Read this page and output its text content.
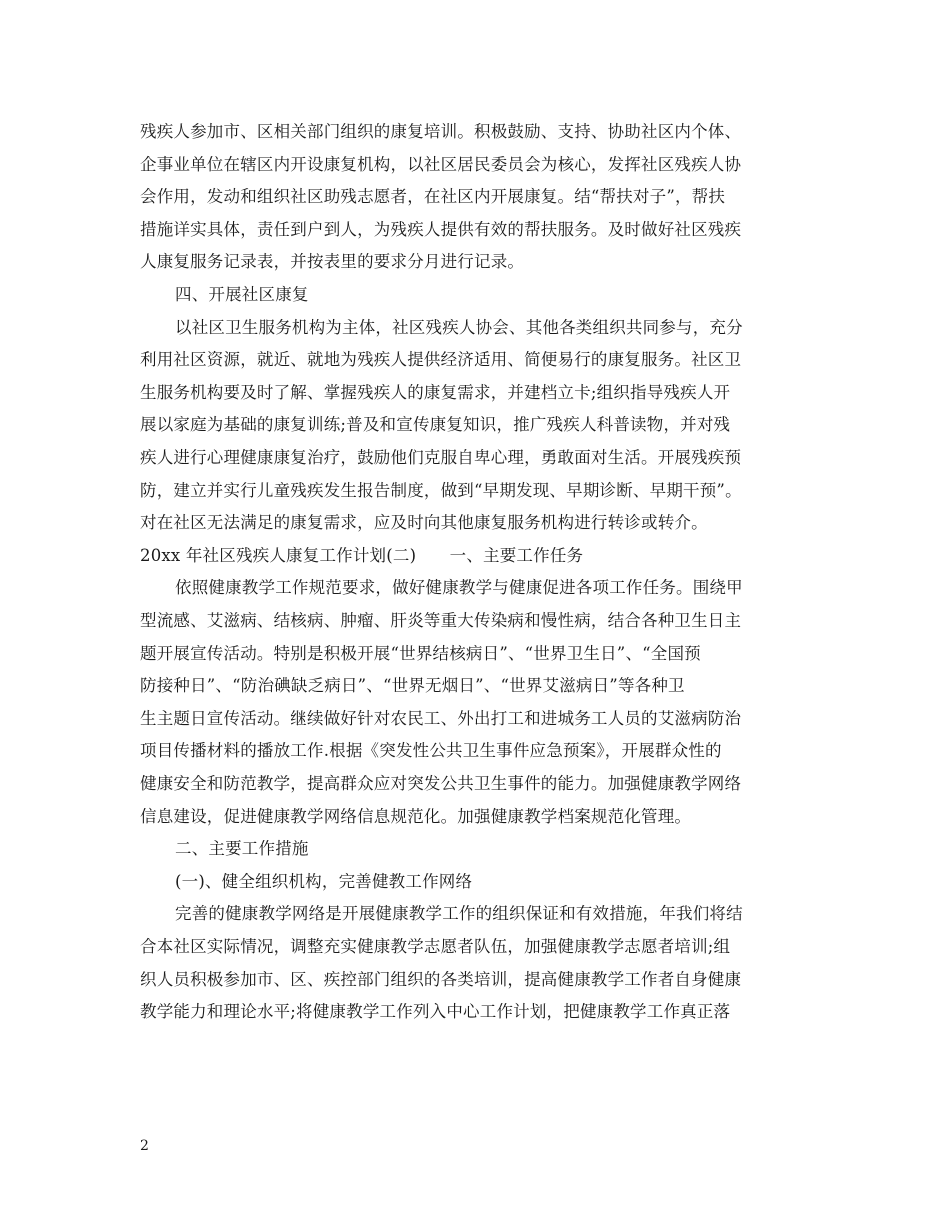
残疾人参加市、区相关部门组织的康复培训。积极鼓励、支持、协助社区内个体、
企事业单位在辖区内开设康复机构，以社区居民委员会为核心，发挥社区残疾人协
会作用，发动和组织社区助残志愿者，在社区内开展康复。结“帮扶对子”，帮扶
措施详实具体，责任到户到人，为残疾人提供有效的帮扶服务。及时做好社区残疾
人康复服务记录表，并按表里的要求分月进行记录。
四、开展社区康复
以社区卫生服务机构为主体，社区残疾人协会、其他各类组织共同参与，充分
利用社区资源，就近、就地为残疾人提供经济适用、简便易行的康复服务。社区卫
生服务机构要及时了解、掌握残疾人的康复需求，并建档立卡;组织指导残疾人开
展以家庭为基础的康复训练;普及和宣传康复知识，推广残疾人科普读物，并对残
疾人进行心理健康康复治疗，鼓励他们克服自卑心理，勇敢面对生活。开展残疾预
防，建立并实行儿童残疾发生报告制度，做到“早期发现、早期诊断、早期干预”。
对在社区无法满足的康复需求，应及时向其他康复服务机构进行转诊或转介。
20xx 年社区残疾人康复工作计划(二)　　一、主要工作任务
依照健康教学工作规范要求，做好健康教学与健康促进各项工作任务。围绕甲
型流感、艾滋病、结核病、肿瘤、肝炎等重大传染病和慢性病，结合各种卫生日主
题开展宣传活动。特别是积极开展“世界结核病日”、“世界卫生日”、“全国预
防接种日”、“防治碘缺乏病日”、“世界无烟日”、“世界艾滋病日”等各种卫
生主题日宣传活动。继续做好针对农民工、外出打工和进城务工人员的艾滋病防治
项目传播材料的播放工作.根据《突发性公共卫生事件应急预案》，开展群众性的
健康安全和防范教学，提高群众应对突发公共卫生事件的能力。加强健康教学网络
信息建设，促进健康教学网络信息规范化。加强健康教学档案规范化管理。
二、主要工作措施
(一)、健全组织机构，完善健教工作网络
完善的健康教学网络是开展健康教学工作的组织保证和有效措施，年我们将结
合本社区实际情况，调整充实健康教学志愿者队伍，加强健康教学志愿者培训;组
织人员积极参加市、区、疾控部门组织的各类培训，提高健康教学工作者自身健康
教学能力和理论水平;将健康教学工作列入中心工作计划，把健康教学工作真正落
2
